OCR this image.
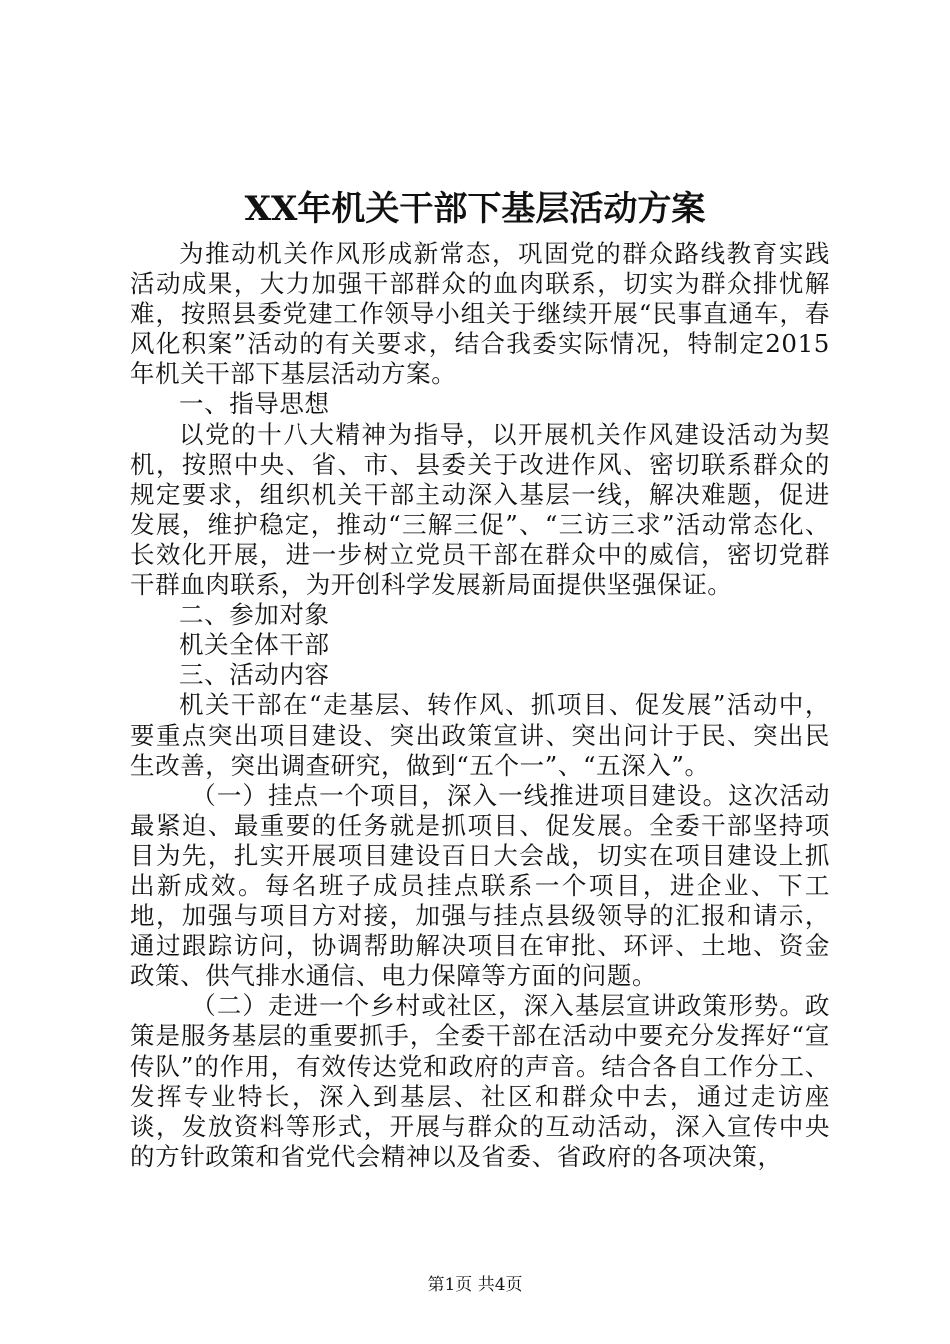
XX年机关干部下基层活动方案

为推动机关作风形成新常态，巩固党的群众路线教育实践活动成果，大力加强干部群众的血肉联系，切实为群众排忧解难，按照县委党建工作领导小组关于继续开展“民事直通车，春风化积案”活动的有关要求，结合我委实际情况，特制定2015年机关干部下基层活动方案。

一、指导思想

以党的十八大精神为指导，以开展机关作风建设活动为契机，按照中央、省、市、县委关于改进作风、密切联系群众的规定要求，组织机关干部主动深入基层一线，解决难题，促进发展，维护稳定，推动“三解三促”、“三访三求”活动常态化、长效化开展，进一步树立党员干部在群众中的威信，密切党群干群血肉联系，为开创科学发展新局面提供坚强保证。

二、参加对象

机关全体干部

三、活动内容

机关干部在“走基层、转作风、抓项目、促发展”活动中，要重点突出项目建设、突出政策宣讲、突出问计于民、突出民生改善，突出调查研究，做到“五个一”、“五深入”。

（一）挂点一个项目，深入一线推进项目建设。这次活动最紧迫、最重要的任务就是抓项目、促发展。全委干部坚持项目为先，扎实开展项目建设百日大会战，切实在项目建设上抓出新成效。每名班子成员挂点联系一个项目，进企业、下工地，加强与项目方对接，加强与挂点县级领导的汇报和请示，通过跟踪访问，协调帮助解决项目在审批、环评、土地、资金政策、供气排水通信、电力保障等方面的问题。

（二）走进一个乡村或社区，深入基层宣讲政策形势。政策是服务基层的重要抓手，全委干部在活动中要充分发挥好“宣传队”的作用，有效传达党和政府的声音。结合各自工作分工、发挥专业特长，深入到基层、社区和群众中去，通过走访座谈，发放资料等形式，开展与群众的互动活动，深入宣传中央的方针政策和省党代会精神以及省委、省政府的各项决策，

第1页 共4页
